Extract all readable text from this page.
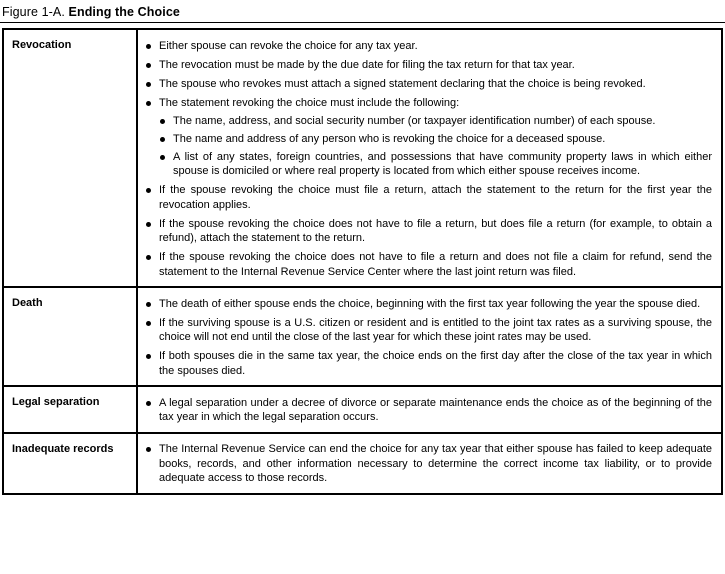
Figure 1-A. Ending the Choice
Revocation	Either spouse can revoke the choice for any tax year.
The revocation must be made by the due date for filing the tax return for that tax year.
The spouse who revokes must attach a signed statement declaring that the choice is being revoked.
The statement revoking the choice must include the following:
The name, address, and social security number (or taxpayer identification number) of each spouse.
The name and address of any person who is revoking the choice for a deceased spouse.
A list of any states, foreign countries, and possessions that have community property laws in which either spouse is domiciled or where real property is located from which either spouse receives income.
If the spouse revoking the choice must file a return, attach the statement to the return for the first year the revocation applies.
If the spouse revoking the choice does not have to file a return, but does file a return (for example, to obtain a refund), attach the statement to the return.
If the spouse revoking the choice does not have to file a return and does not file a claim for refund, send the statement to the Internal Revenue Service Center where the last joint return was filed.

Death	The death of either spouse ends the choice, beginning with the first tax year following the year the spouse died.
If the surviving spouse is a U.S. citizen or resident and is entitled to the joint tax rates as a surviving spouse, the choice will not end until the close of the last year for which these joint rates may be used.
If both spouses die in the same tax year, the choice ends on the first day after the close of the tax year in which the spouses died.

Legal separation	A legal separation under a decree of divorce or separate maintenance ends the choice as of the beginning of the tax year in which the legal separation occurs.

Inadequate records	The Internal Revenue Service can end the choice for any tax year that either spouse has failed to keep adequate books, records, and other information necessary to determine the correct income tax liability, or to provide adequate access to those records.
